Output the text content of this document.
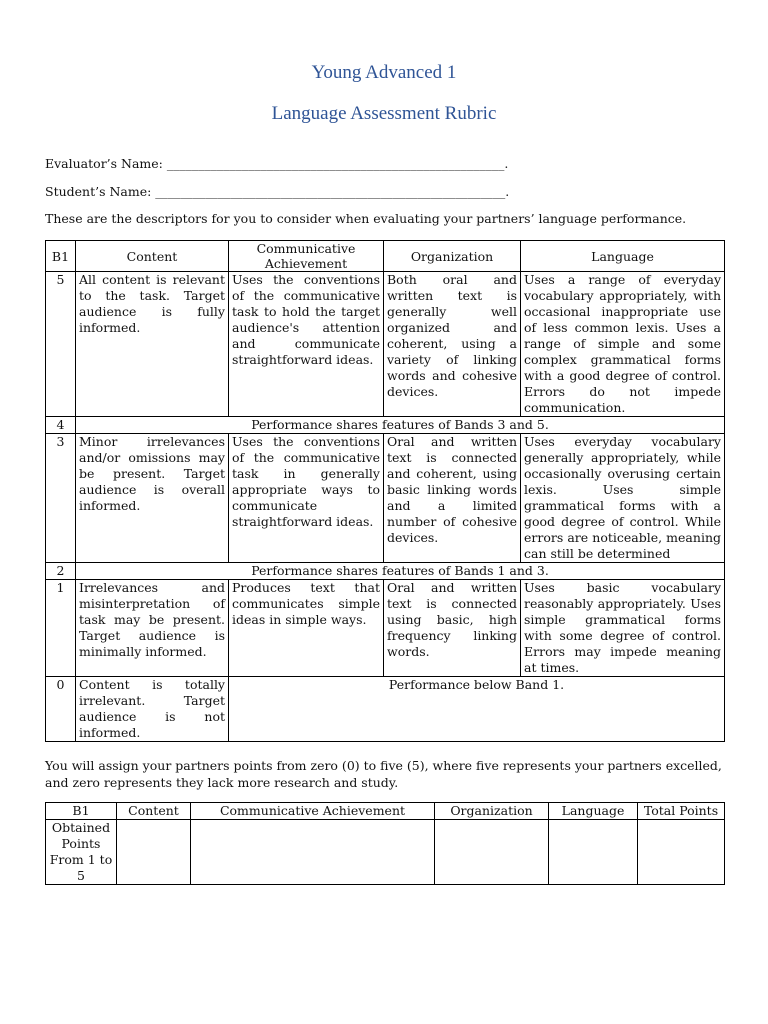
Young Advanced 1
Language Assessment Rubric
Evaluator’s Name: ______________________________________________________.
Student’s Name: ________________________________________________________.
These are the descriptors for you to consider when evaluating your partners’ language performance.
B1	Content	Communicative Achievement	Organization	Language
5	All content is relevant to the task. Target audience is fully informed.	Uses the conventions of the communicative task to hold the target audience's attention and communicate straightforward ideas.	Both oral and written text is generally well organized and coherent, using a variety of linking words and cohesive devices.	Uses a range of everyday vocabulary appropriately, with occasional inappropriate use of less common lexis. Uses a range of simple and some complex grammatical forms with a good degree of control. Errors do not impede communication.
4	Performance shares features of Bands 3 and 5.			
3	Minor irrelevances and/or omissions may be present. Target audience is overall informed.	Uses the conventions of the communicative task in generally appropriate ways to communicate straightforward ideas.	Oral and written text is connected and coherent, using basic linking words and a limited number of cohesive devices.	Uses everyday vocabulary generally appropriately, while occasionally overusing certain lexis. Uses simple grammatical forms with a good degree of control. While errors are noticeable, meaning can still be determined
2	Performance shares features of Bands 1 and 3.			
1	Irrelevances and misinterpretation of task may be present. Target audience is minimally informed.	Produces text that communicates simple ideas in simple ways.	Oral and written text is connected using basic, high frequency linking words.	Uses basic vocabulary reasonably appropriately. Uses simple grammatical forms with some degree of control. Errors may impede meaning at times.
0	Content is totally irrelevant. Target audience is not informed.	Performance below Band 1.		
You will assign your partners points from zero (0) to five (5), where five represents your partners excelled, and zero represents they lack more research and study.
B1	Content	Communicative Achievement	Organization	Language	Total Points
Obtained Points From 1 to 5					
